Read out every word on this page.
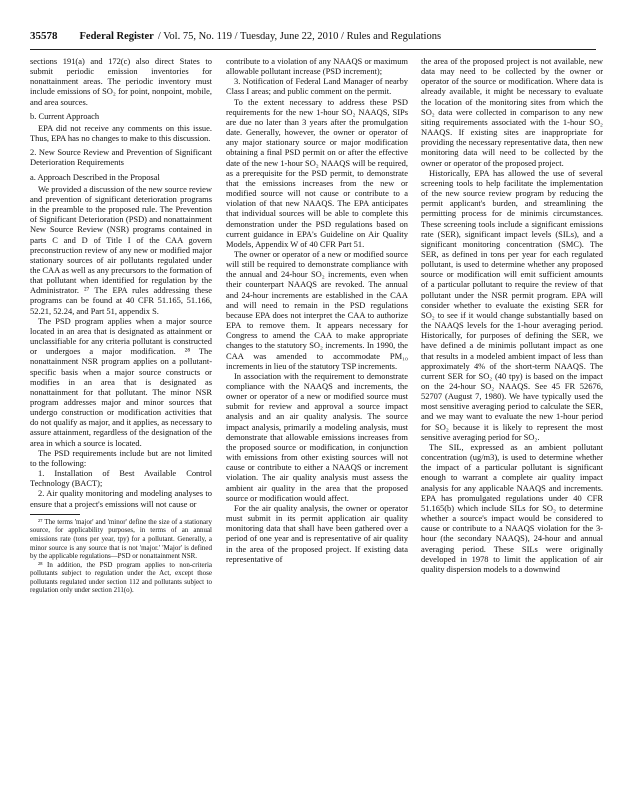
35578 Federal Register / Vol. 75, No. 119 / Tuesday, June 22, 2010 / Rules and Regulations

sections 191(a) and 172(c) also direct States to submit periodic emission inventories for nonattainment areas. The periodic inventory must include emissions of SO₂ for point, nonpoint, mobile, and area sources.

b. Current Approach

EPA did not receive any comments on this issue. Thus, EPA has no changes to make to this discussion.

2. New Source Review and Prevention of Significant Deterioration Requirements

a. Approach Described in the Proposal

We provided a discussion of the new source review and prevention of significant deterioration programs in the preamble to the proposed rule. The Prevention of Significant Deterioration (PSD) and nonattainment New Source Review (NSR) programs contained in parts C and D of Title I of the CAA govern preconstruction review of any new or modified major stationary sources of air pollutants regulated under the CAA as well as any precursors to the formation of that pollutant when identified for regulation by the Administrator. ²⁷ The EPA rules addressing these programs can be found at 40 CFR 51.165, 51.166, 52.21, 52.24, and Part 51, appendix S.

The PSD program applies when a major source located in an area that is designated as attainment or unclassifiable for any criteria pollutant is constructed or undergoes a major modification. ²⁸ The nonattainment NSR program applies on a pollutant-specific basis when a major source constructs or modifies in an area that is designated as nonattainment for that pollutant. The minor NSR program addresses major and minor sources that undergo construction or modification activities that do not qualify as major, and it applies, as necessary to assure attainment, regardless of the designation of the area in which a source is located.

The PSD requirements include but are not limited to the following:

1. Installation of Best Available Control Technology (BACT);

2. Air quality monitoring and modeling analyses to ensure that a project's emissions will not cause or

²⁷ The terms 'major' and 'minor' define the size of a stationary source, for applicability purposes, in terms of an annual emissions rate (tons per year, tpy) for a pollutant. Generally, a minor source is any source that is not 'major.' 'Major' is defined by the applicable regulations—PSD or nonattainment NSR.

²⁸ In addition, the PSD program applies to non-criteria pollutants subject to regulation under the Act, except those pollutants regulated under section 112 and pollutants subject to regulation only under section 211(o).

contribute to a violation of any NAAQS or maximum allowable pollutant increase (PSD increment);

3. Notification of Federal Land Manager of nearby Class I areas; and public comment on the permit.

To the extent necessary to address these PSD requirements for the new 1-hour SO₂ NAAQS, SIPs are due no later than 3 years after the promulgation date. Generally, however, the owner or operator of any major stationary source or major modification obtaining a final PSD permit on or after the effective date of the new 1-hour SO₂ NAAQS will be required, as a prerequisite for the PSD permit, to demonstrate that the emissions increases from the new or modified source will not cause or contribute to a violation of that new NAAQS. The EPA anticipates that individual sources will be able to complete this demonstration under the PSD regulations based on current guidance in EPA's Guideline on Air Quality Models, Appendix W of 40 CFR Part 51.

The owner or operator of a new or modified source will still be required to demonstrate compliance with the annual and 24-hour SO₂ increments, even when their counterpart NAAQS are revoked. The annual and 24-hour increments are established in the CAA and will need to remain in the PSD regulations because EPA does not interpret the CAA to authorize EPA to remove them. It appears necessary for Congress to amend the CAA to make appropriate changes to the statutory SO₂ increments. In 1990, the CAA was amended to accommodate PM₁₀ increments in lieu of the statutory TSP increments.

In association with the requirement to demonstrate compliance with the NAAQS and increments, the owner or operator of a new or modified source must submit for review and approval a source impact analysis and an air quality analysis. The source impact analysis, primarily a modeling analysis, must demonstrate that allowable emissions increases from the proposed source or modification, in conjunction with emissions from other existing sources will not cause or contribute to either a NAAQS or increment violation. The air quality analysis must assess the ambient air quality in the area that the proposed source or modification would affect.

For the air quality analysis, the owner or operator must submit in its permit application air quality monitoring data that shall have been gathered over a period of one year and is representative of air quality in the area of the proposed project. If existing data representative of

the area of the proposed project is not available, new data may need to be collected by the owner or operator of the source or modification. Where data is already available, it might be necessary to evaluate the location of the monitoring sites from which the SO₂ data were collected in comparison to any new siting requirements associated with the 1-hour SO₂ NAAQS. If existing sites are inappropriate for providing the necessary representative data, then new monitoring data will need to be collected by the owner or operator of the proposed project.

Historically, EPA has allowed the use of several screening tools to help facilitate the implementation of the new source review program by reducing the permit applicant's burden, and streamlining the permitting process for de minimis circumstances. These screening tools include a significant emissions rate (SER), significant impact levels (SILs), and a significant monitoring concentration (SMC). The SER, as defined in tons per year for each regulated pollutant, is used to determine whether any proposed source or modification will emit sufficient amounts of a particular pollutant to require the review of that pollutant under the NSR permit program. EPA will consider whether to evaluate the existing SER for SO₂ to see if it would change substantially based on the NAAQS levels for the 1-hour averaging period. Historically, for purposes of defining the SER, we have defined a de minimis pollutant impact as one that results in a modeled ambient impact of less than approximately 4% of the short-term NAAQS. The current SER for SO₂ (40 tpy) is based on the impact on the 24-hour SO₂ NAAQS. See 45 FR 52676, 52707 (August 7, 1980). We have typically used the most sensitive averaging period to calculate the SER, and we may want to evaluate the new 1-hour period for SO₂ because it is likely to represent the most sensitive averaging period for SO₂.

The SIL, expressed as an ambient pollutant concentration (ug/m3), is used to determine whether the impact of a particular pollutant is significant enough to warrant a complete air quality impact analysis for any applicable NAAQS and increments. EPA has promulgated regulations under 40 CFR 51.165(b) which include SILs for SO₂ to determine whether a source's impact would be considered to cause or contribute to a NAAQS violation for the 3-hour (the secondary NAAQS), 24-hour and annual averaging period. These SILs were originally developed in 1978 to limit the application of air quality dispersion models to a downwind
